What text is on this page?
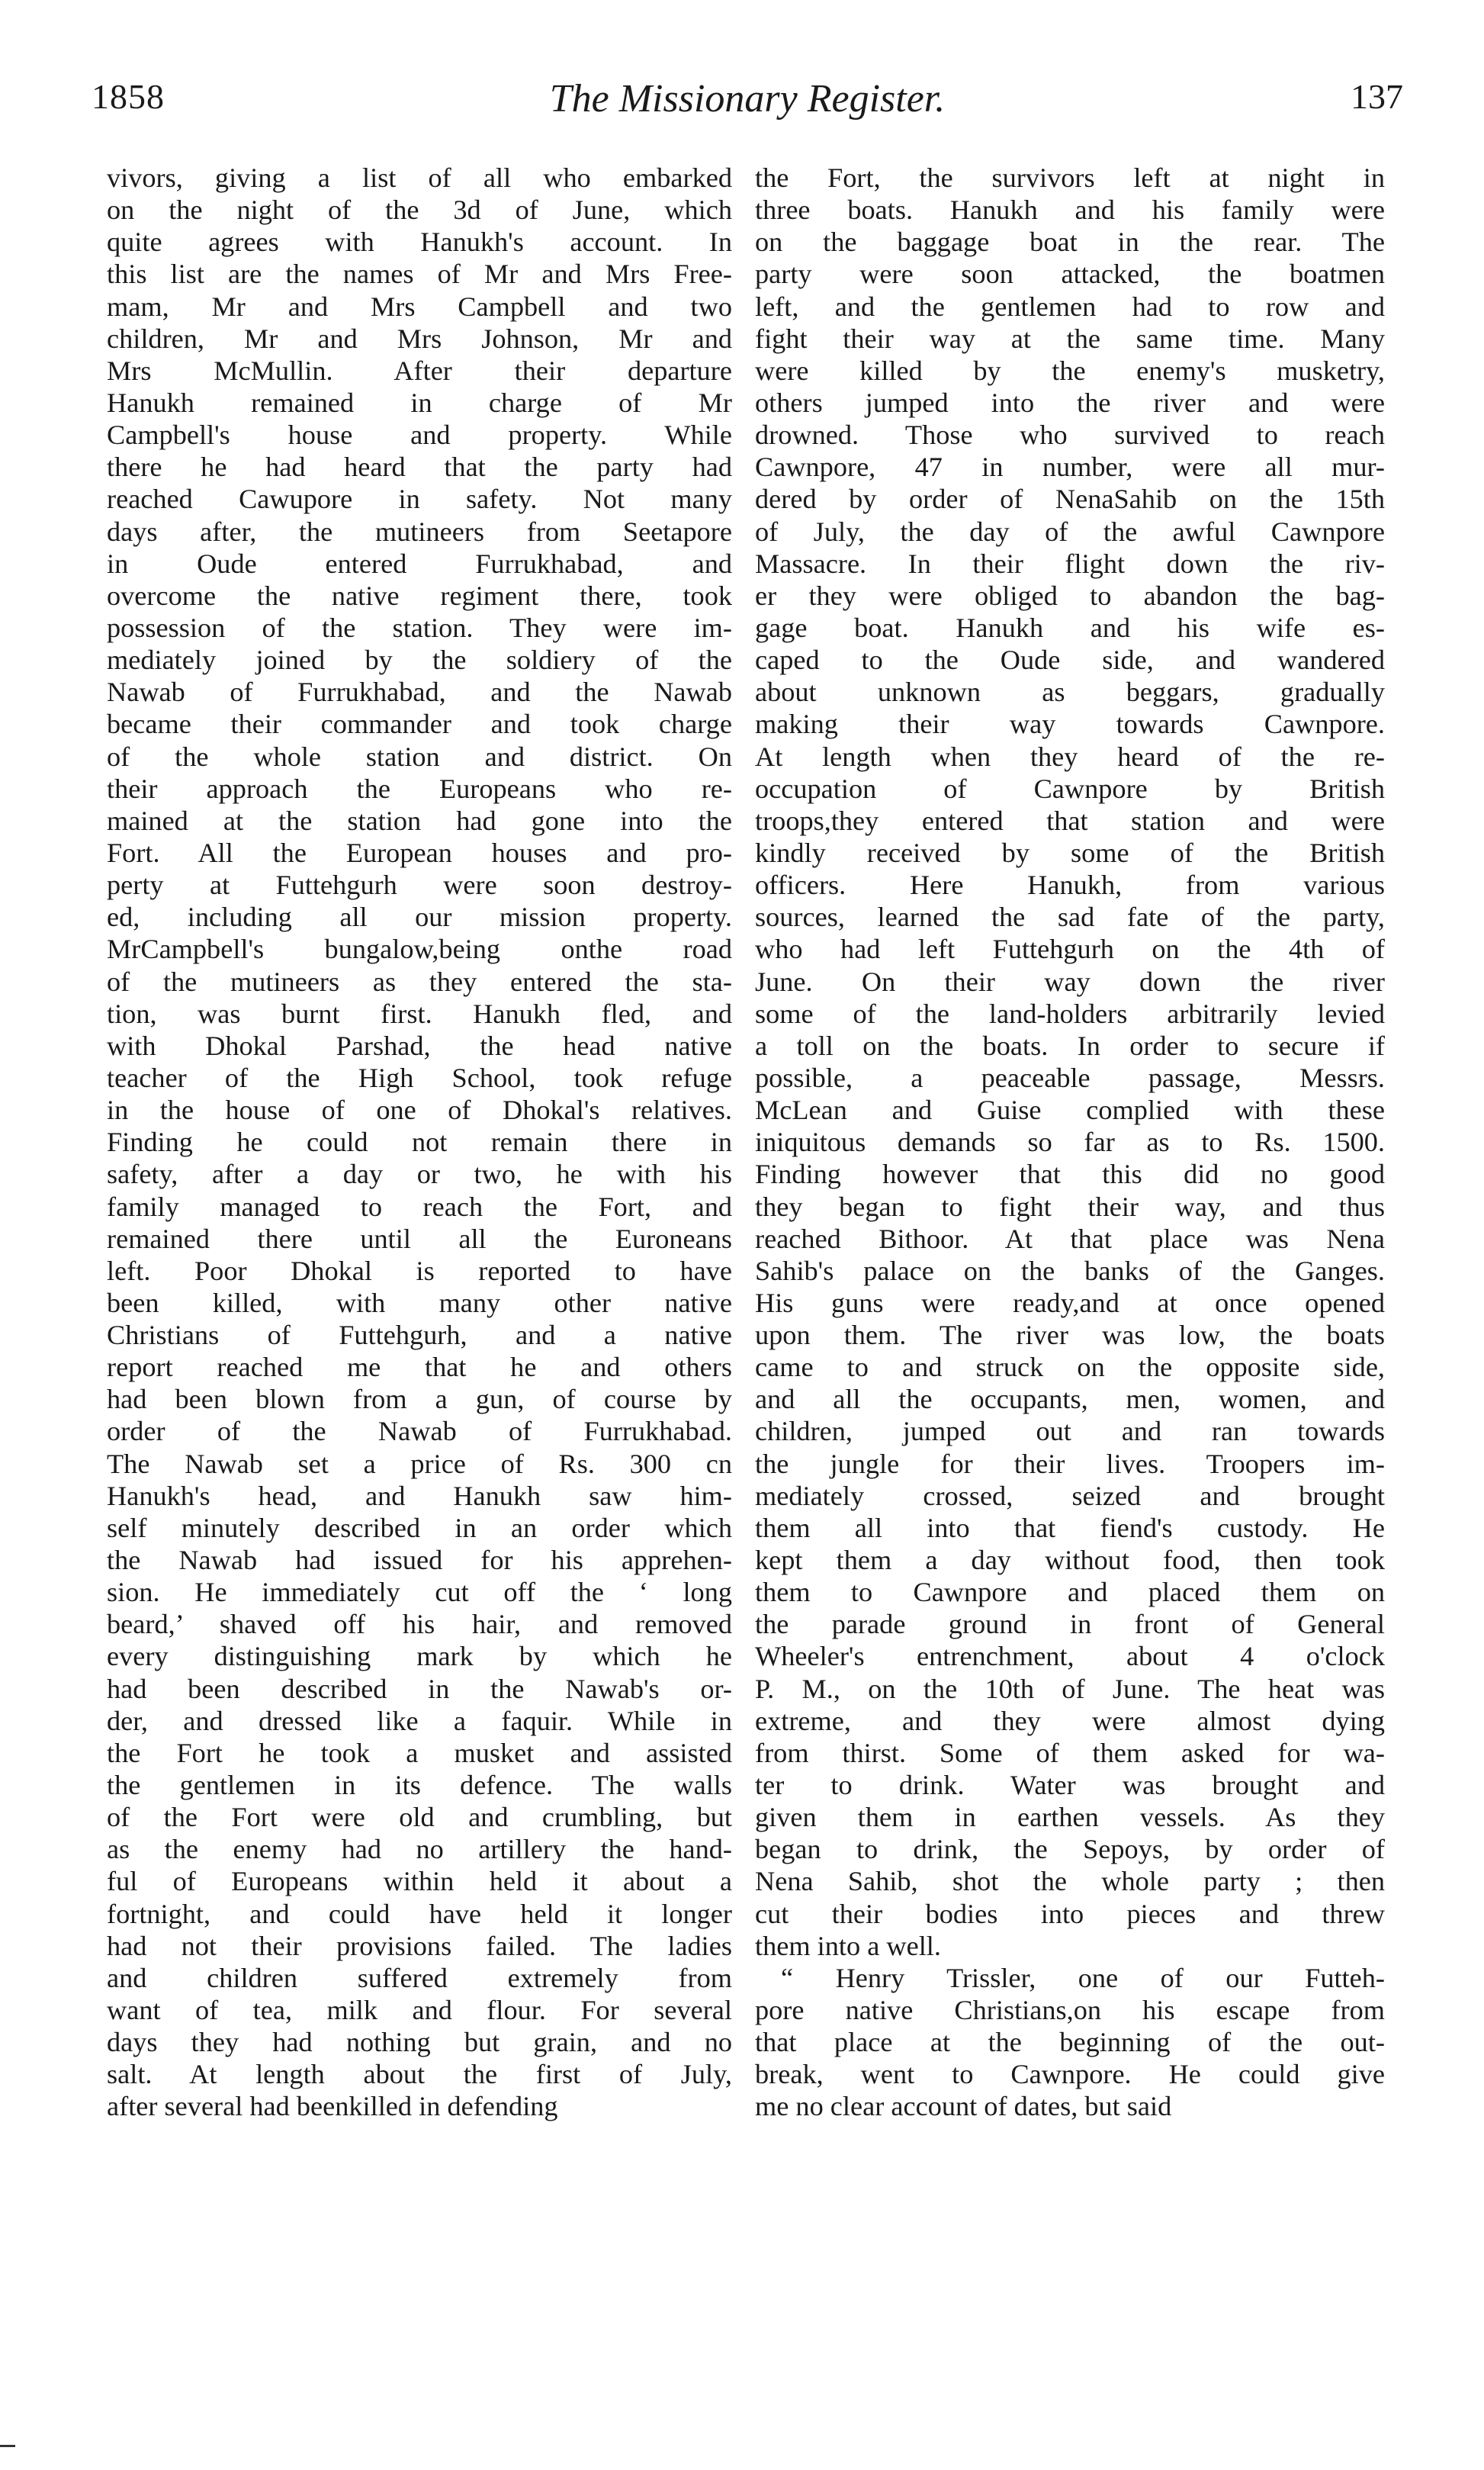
1858	The Missionary Register.	137
vivors, giving a list of all who embarked
on the night of the 3d of June, which
quite agrees with Hanukh's account. In
this list are the names of Mr and Mrs Free-
mam, Mr and Mrs Campbell and two
children, Mr and Mrs Johnson, Mr and
Mrs McMullin. After their departure
Hanukh remained in charge of Mr
Campbell's house and property. While
there he had heard that the party had
reached Cawupore in safety. Not many
days after, the mutineers from Seetapore
in Oude entered Furrukhabad, and
overcome the native regiment there, took
possession of the station. They were im-
mediately joined by the soldiery of the
Nawab of Furrukhabad, and the Nawab
became their commander and took charge
of the whole station and district. On
their approach the Europeans who re-
mained at the station had gone into the
Fort. All the European houses and pro-
perty at Futtehgurh were soon destroy-
ed, including all our mission property.
MrCampbell's bungalow,being onthe road
of the mutineers as they entered the sta-
tion, was burnt first. Hanukh fled, and
with Dhokal Parshad, the head native
teacher of the High School, took refuge
in the house of one of Dhokal's relatives.
Finding he could not remain there in
safety, after a day or two, he with his
family managed to reach the Fort, and
remained there until all the Euroneans
left. Poor Dhokal is reported to have
been killed, with many other native
Christians of Futtehgurh, and a native
report reached me that he and others
had been blown from a gun, of course by
order of the Nawab of Furrukhabad.
The Nawab set a price of Rs. 300 cn
Hanukh's head, and Hanukh saw him-
self minutely described in an order which
the Nawab had issued for his apprehen-
sion. He immediately cut off the ‘ long
beard,’ shaved off his hair, and removed
every distinguishing mark by which he
had been described in the Nawab's or-
der, and dressed like a faquir. While in
the Fort he took a musket and assisted
the gentlemen in its defence. The walls
of the Fort were old and crumbling, but
as the enemy had no artillery the hand-
ful of Europeans within held it about a
fortnight, and could have held it longer
had not their provisions failed. The ladies
and children suffered extremely from
want of tea, milk and flour. For several
days they had nothing but grain, and no
salt. At length about the first of July,
after several had beenkilled in defending
the Fort, the survivors left at night in
three boats. Hanukh and his family were
on the baggage boat in the rear. The
party were soon attacked, the boatmen
left, and the gentlemen had to row and
fight their way at the same time. Many
were killed by the enemy's musketry,
others jumped into the river and were
drowned. Those who survived to reach
Cawnpore, 47 in number, were all mur-
dered by order of NenaSahib on the 15th
of July, the day of the awful Cawnpore
Massacre. In their flight down the riv-
er they were obliged to abandon the bag-
gage boat. Hanukh and his wife es-
caped to the Oude side, and wandered
about unknown as beggars, gradually
making their way towards Cawnpore.
At length when they heard of the re-
occupation of Cawnpore by British
troops,they entered that station and were
kindly received by some of the British
officers. Here Hanukh, from various
sources, learned the sad fate of the party,
who had left Futtehgurh on the 4th of
June. On their way down the river
some of the land-holders arbitrarily levied
a toll on the boats. In order to secure if
possible, a peaceable passage, Messrs.
McLean and Guise complied with these
iniquitous demands so far as to Rs. 1500.
Finding however that this did no good
they began to fight their way, and thus
reached Bithoor. At that place was Nena
Sahib's palace on the banks of the Ganges.
His guns were ready,and at once opened
upon them. The river was low, the boats
came to and struck on the opposite side,
and all the occupants, men, women, and
children, jumped out and ran towards
the jungle for their lives. Troopers im-
mediately crossed, seized and brought
them all into that fiend's custody. He
kept them a day without food, then took
them to Cawnpore and placed them on
the parade ground in front of General
Wheeler's entrenchment, about 4 o'clock
P. M., on the 10th of June. The heat was
extreme, and they were almost dying
from thirst. Some of them asked for wa-
ter to drink. Water was brought and
given them in earthen vessels. As they
began to drink, the Sepoys, by order of
Nena Sahib, shot the whole party ; then
cut their bodies into pieces and threw
them into a well.
“ Henry Trissler, one of our Futteh-
pore native Christians,on his escape from
that place at the beginning of the out-
break, went to Cawnpore. He could give
me no clear account of dates, but said
